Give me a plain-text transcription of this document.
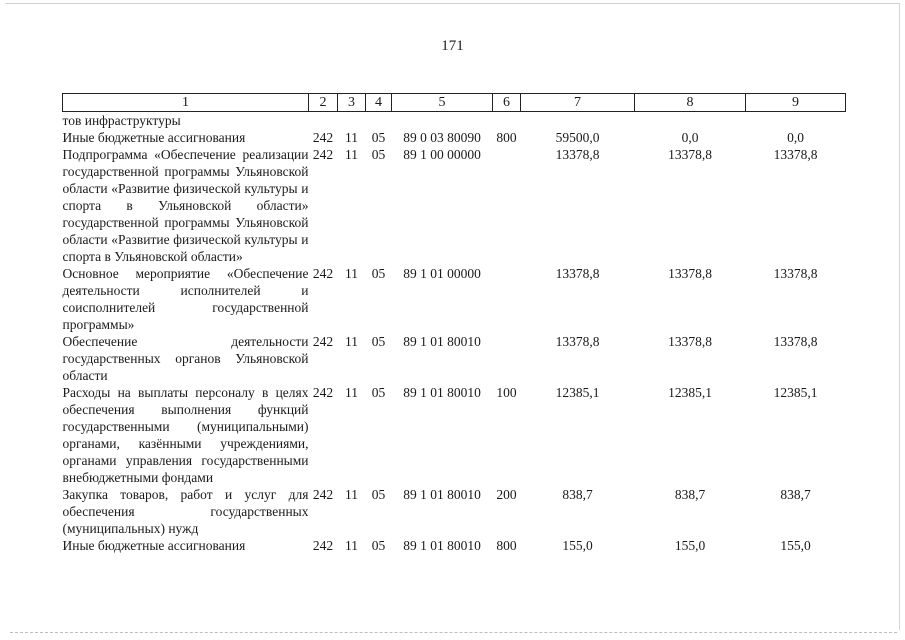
171
1	2	3	4	5	6	7	8	9
тов инфраструктуры								
Иные бюджетные ассигнования	242	11	05	89 0 03 80090	800	59500,0	0,0	0,0
Подпрограмма «Обеспечение реализации государственной программы Ульяновской области «Развитие физической культуры и спорта в Ульяновской области» государственной программы Ульяновской области «Развитие физической культуры и спорта в Ульяновской области»	242	11	05	89 1 00 00000		13378,8	13378,8	13378,8
Основное мероприятие «Обеспечение деятельности исполнителей и соисполнителей государственной программы»	242	11	05	89 1 01 00000		13378,8	13378,8	13378,8
Обеспечение деятельности государственных органов Ульяновской области	242	11	05	89 1 01 80010		13378,8	13378,8	13378,8
Расходы на выплаты персоналу в целях обеспечения выполнения функций государственными (муниципальными) органами, казёнными учреждениями, органами управления государственными внебюджетными фондами	242	11	05	89 1 01 80010	100	12385,1	12385,1	12385,1
Закупка товаров, работ и услуг для обеспечения государственных (муниципальных) нужд	242	11	05	89 1 01 80010	200	838,7	838,7	838,7
Иные бюджетные ассигнования	242	11	05	89 1 01 80010	800	155,0	155,0	155,0
